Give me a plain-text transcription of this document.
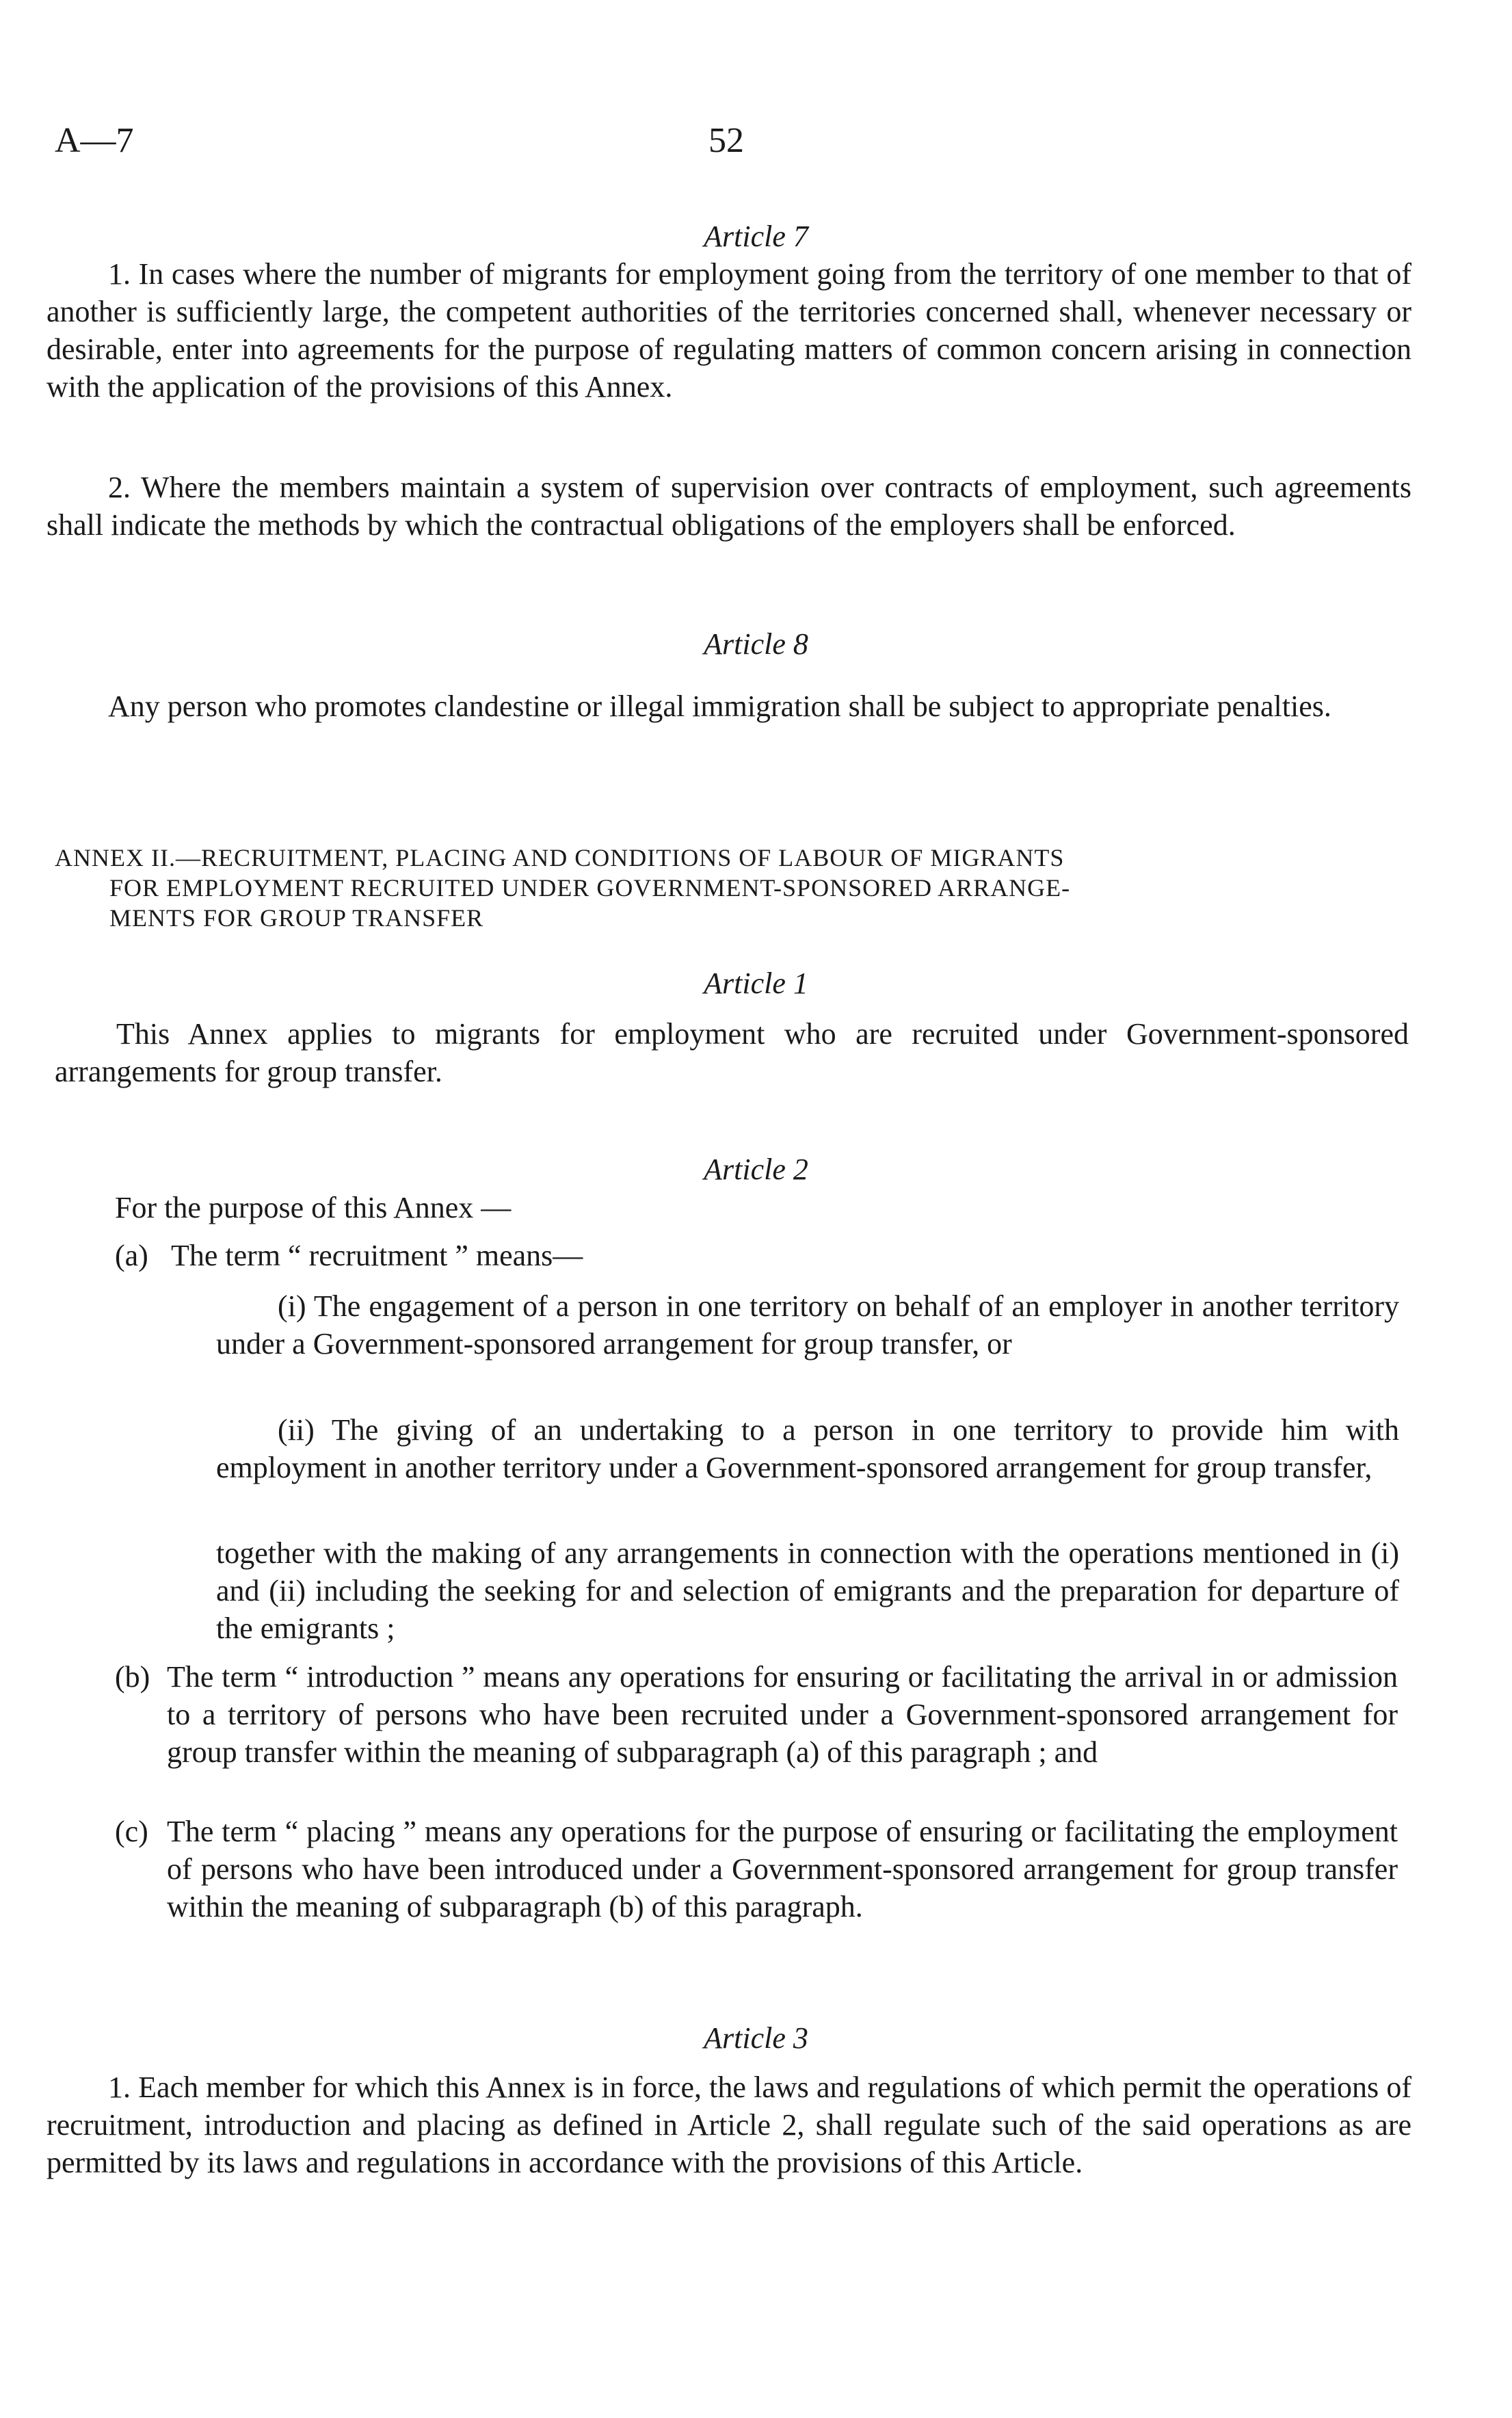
A—7	52
Article 7
1. In cases where the number of migrants for employment going from the territory of one member to that of another is sufficiently large, the competent authorities of the territories concerned shall, whenever necessary or desirable, enter into agreements for the purpose of regulating matters of common concern arising in connection with the application of the provisions of this Annex.
2. Where the members maintain a system of supervision over contracts of employment, such agreements shall indicate the methods by which the contractual obligations of the employers shall be enforced.
Article 8
Any person who promotes clandestine or illegal immigration shall be subject to appropriate penalties.
ANNEX II.—RECRUITMENT, PLACING AND CONDITIONS OF LABOUR OF MIGRANTS
FOR EMPLOYMENT RECRUITED UNDER GOVERNMENT-SPONSORED ARRANGE-
MENTS FOR GROUP TRANSFER
Article 1
This Annex applies to migrants for employment who are recruited under Government-sponsored arrangements for group transfer.
Article 2
For the purpose of this Annex —
(a) The term “ recruitment ” means—
(i) The engagement of a person in one territory on behalf of an employer in another territory under a Government-sponsored arrangement for group transfer, or
(ii) The giving of an undertaking to a person in one territory to provide him with employment in another territory under a Government-sponsored arrangement for group transfer,
together with the making of any arrangements in connection with the operations mentioned in (i) and (ii) including the seeking for and selection of emigrants and the preparation for departure of the emigrants ;
(b) The term “ introduction ” means any operations for ensuring or facilitating the arrival in or admission to a territory of persons who have been recruited under a Government-sponsored arrangement for group transfer within the meaning of subparagraph (a) of this paragraph ; and
(c) The term “ placing ” means any operations for the purpose of ensuring or facilitating the employment of persons who have been introduced under a Government-sponsored arrangement for group transfer within the meaning of subparagraph (b) of this paragraph.
Article 3
1. Each member for which this Annex is in force, the laws and regulations of which permit the operations of recruitment, introduction and placing as defined in Article 2, shall regulate such of the said operations as are permitted by its laws and regulations in accordance with the provisions of this Article.
